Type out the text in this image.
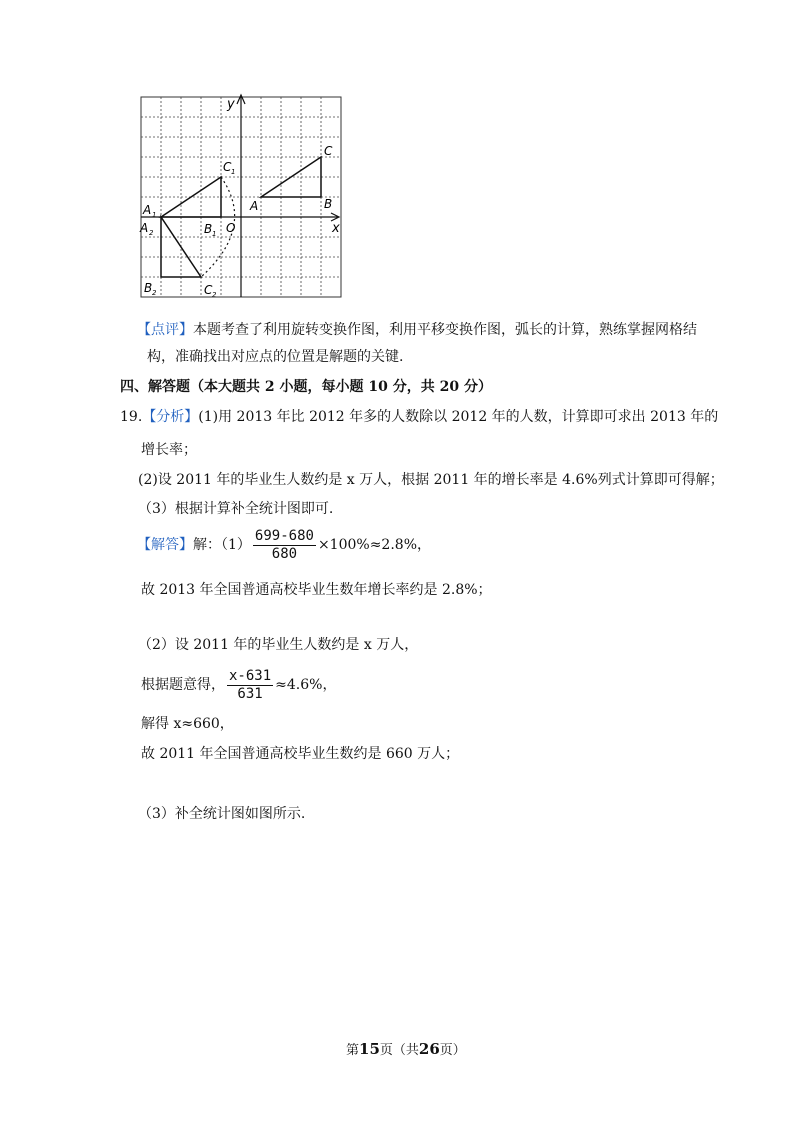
y
x
O
A 1
A 2	B 1
B 2
C 1
C 2
A	B
C
【点评】本题考查了利用旋转变换作图，利用平移变换作图，弧长的计算，熟练掌握网格结
构，准确找出对应点的位置是解题的关键.
四、解答题（本大题共 2 小题，每小题 10 分，共 20 分）
19.【分析】(1)用 2013 年比 2012 年多的人数除以 2012 年的人数，计算即可求出 2013 年的
增长率；
(2)设 2011 年的毕业生人数约是 x 万人，根据 2011 年的增长率是 4.6%列式计算即可得解；
（3）根据计算补全统计图即可.
【解答】 解：$(1) \frac{699-680}{680} \times 100\%\approx 2.8\%$，
故 2013 年全国普通高校毕业生数年增长率约是 2.8%；
（2）设 2011 年的毕业生人数约是 x 万人，
根据题意得， $\frac{x-631}{631} \approx 4.6\%$，
解得 x≈660，
故 2011 年全国普通高校毕业生数约是 660 万人；
（3）补全统计图如图所示.
第15页（共26页）
